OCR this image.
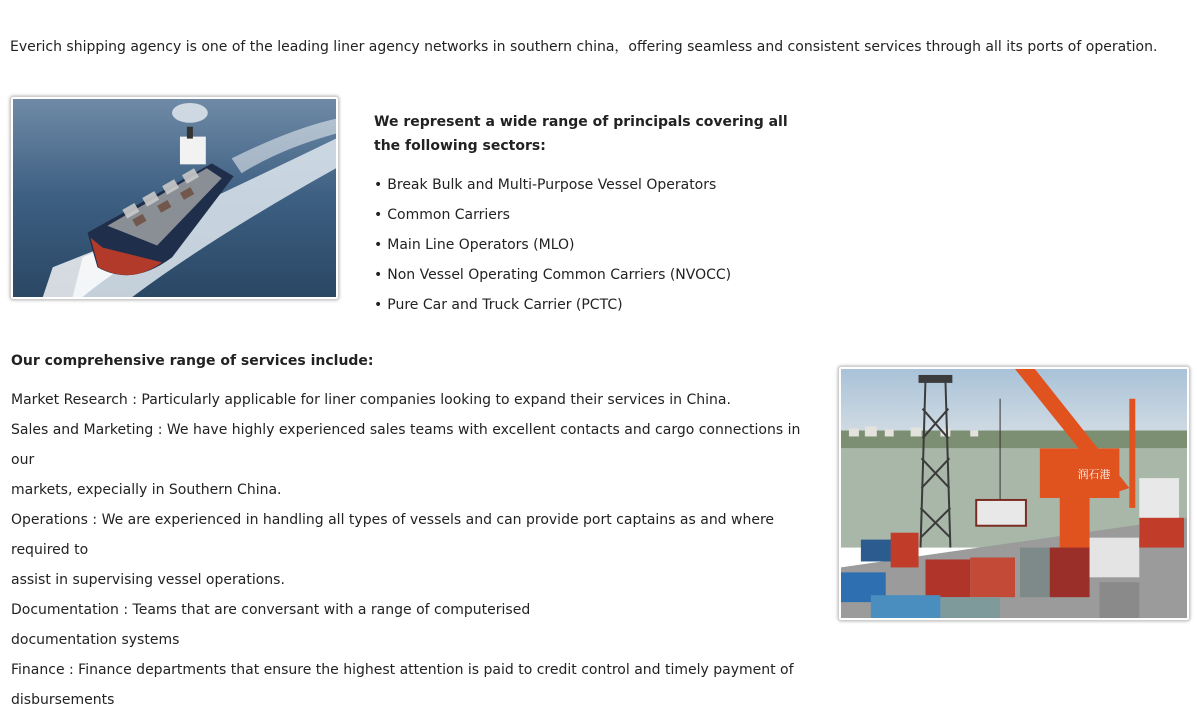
Everich shipping agency is one of the leading liner agency networks in southern china，offering seamless and consistent services through all its ports of operation.
We represent a wide range of principals covering all the following sectors:
• Break Bulk and Multi-Purpose Vessel Operators
• Common Carriers
• Main Line Operators (MLO)
• Non Vessel Operating Common Carriers (NVOCC)
• Pure Car and Truck Carrier (PCTC)
Our comprehensive range of services include:

Market Research : Particularly applicable for liner companies looking to expand their services in China.

Sales and Marketing : We have highly experienced sales teams with excellent contacts and cargo connections in our

markets, expecially in Southern China.

Operations : We are experienced in handling all types of vessels and can provide port captains as and where required to

assist in supervising vessel operations.

Documentation : Teams that are conversant with a range of computerised

documentation systems

Finance : Finance departments that ensure the highest attention is paid to credit control and timely payment of

disbursements

润石港
